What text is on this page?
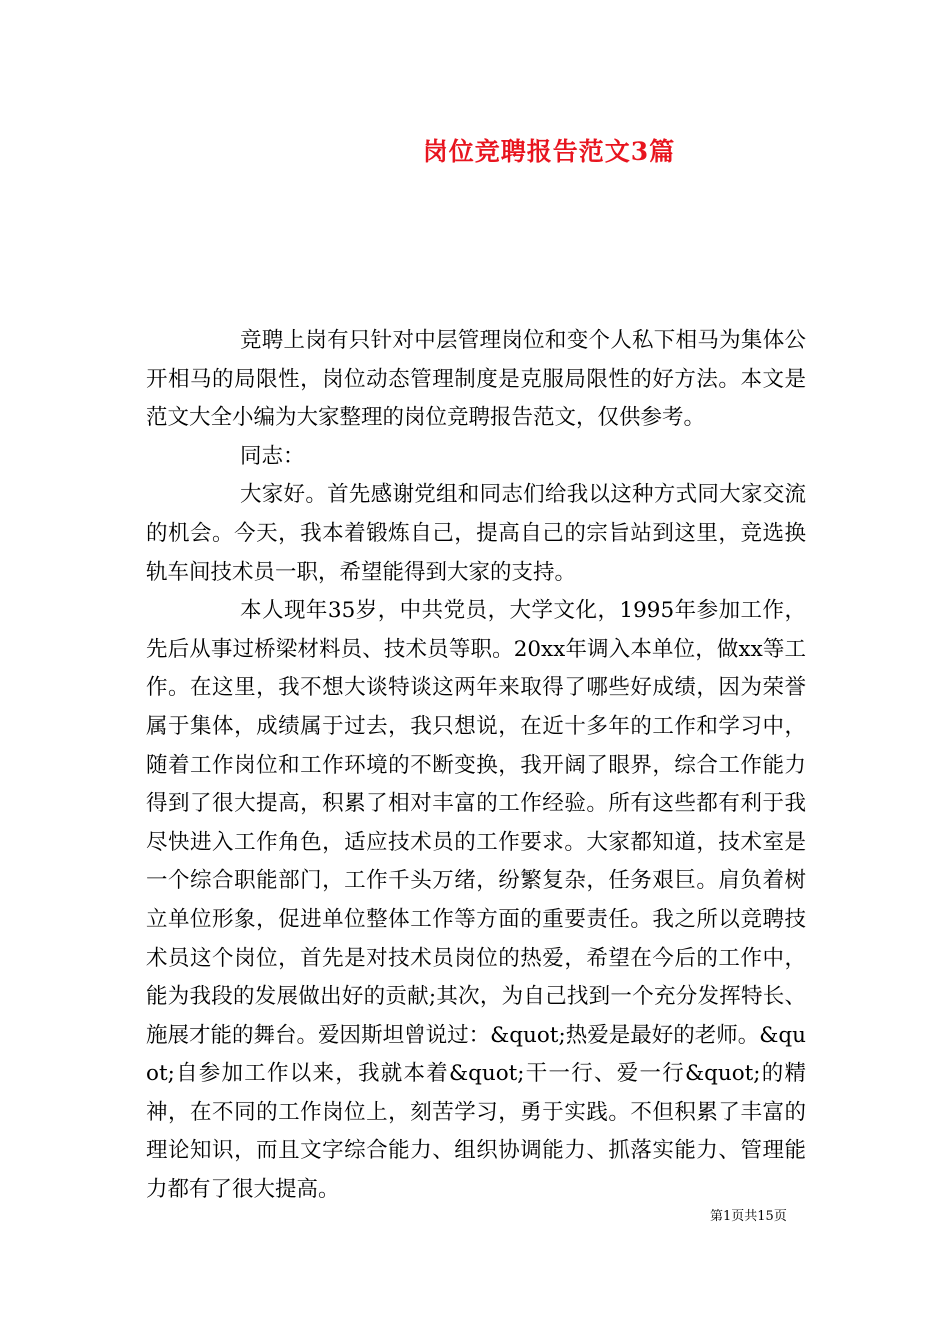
岗位竞聘报告范文3篇

竞聘上岗有只针对中层管理岗位和变个人私下相马为集体公开相马的局限性，岗位动态管理制度是克服局限性的好方法。本文是范文大全小编为大家整理的岗位竞聘报告范文，仅供参考。

同志：

大家好。首先感谢党组和同志们给我以这种方式同大家交流的机会。今天，我本着锻炼自己，提高自己的宗旨站到这里，竞选换轨车间技术员一职，希望能得到大家的支持。

本人现年35岁，中共党员，大学文化，1995年参加工作，先后从事过桥梁材料员、技术员等职。20xx年调入本单位，做xx等工作。在这里，我不想大谈特谈这两年来取得了哪些好成绩，因为荣誉属于集体，成绩属于过去，我只想说，在近十多年的工作和学习中，随着工作岗位和工作环境的不断变换，我开阔了眼界，综合工作能力得到了很大提高，积累了相对丰富的工作经验。所有这些都有利于我尽快进入工作角色，适应技术员的工作要求。大家都知道，技术室是一个综合职能部门，工作千头万绪，纷繁复杂，任务艰巨。肩负着树立单位形象，促进单位整体工作等方面的重要责任。我之所以竞聘技术员这个岗位，首先是对技术员岗位的热爱，希望在今后的工作中，能为我段的发展做出好的贡献;其次，为自己找到一个充分发挥特长、施展才能的舞台。爱因斯坦曾说过：&quot;热爱是最好的老师。&quot;自参加工作以来，我就本着&quot;干一行、爱一行&quot;的精神，在不同的工作岗位上，刻苦学习，勇于实践。不但积累了丰富的理论知识，而且文字综合能力、组织协调能力、抓落实能力、管理能力都有了很大提高。

第1页共15页
